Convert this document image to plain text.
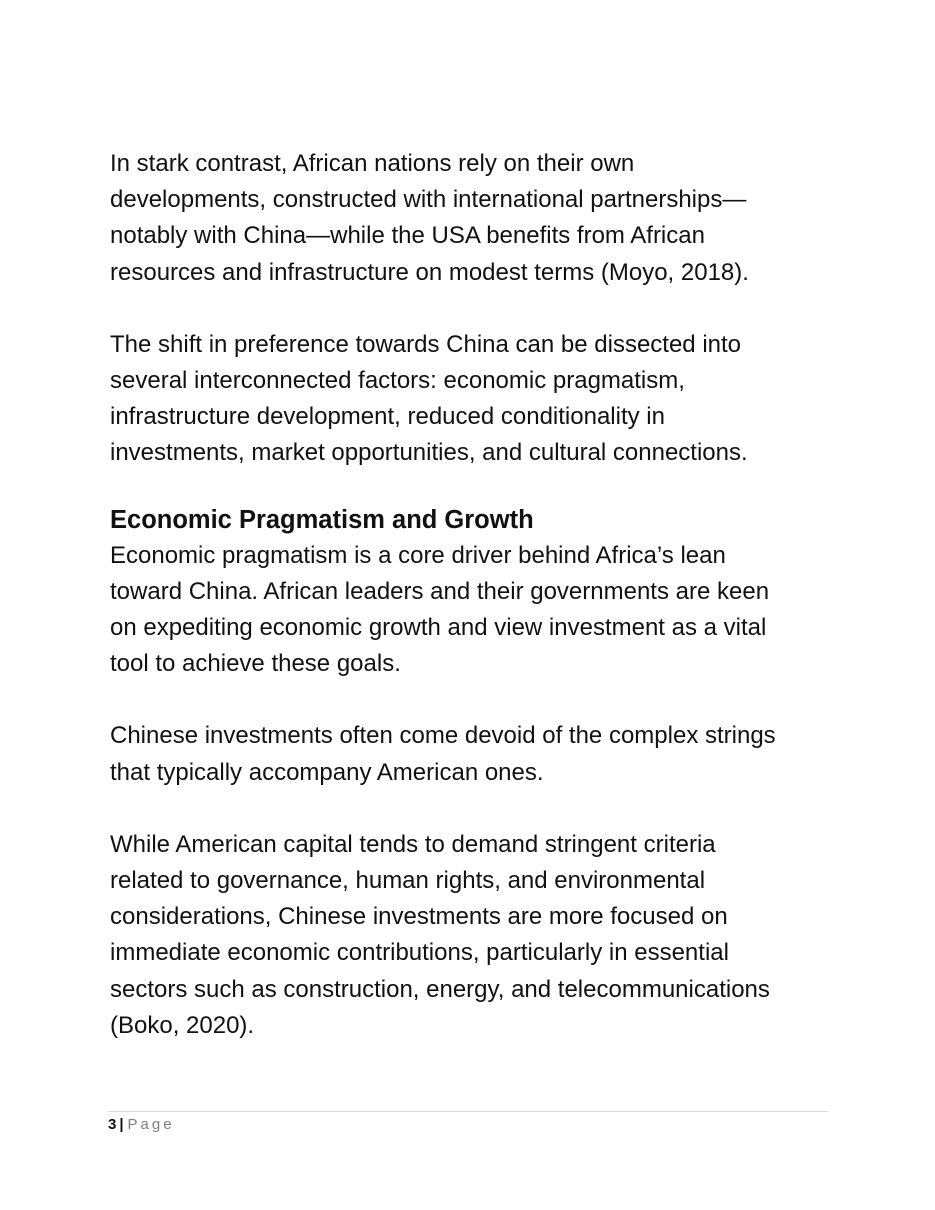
In stark contrast, African nations rely on their own
developments, constructed with international partnerships—
notably with China—while the USA benefits from African
resources and infrastructure on modest terms (Moyo, 2018).
The shift in preference towards China can be dissected into
several interconnected factors: economic pragmatism,
infrastructure development, reduced conditionality in
investments, market opportunities, and cultural connections.
Economic Pragmatism and Growth
Economic pragmatism is a core driver behind Africa’s lean
toward China. African leaders and their governments are keen
on expediting economic growth and view investment as a vital
tool to achieve these goals.
Chinese investments often come devoid of the complex strings
that typically accompany American ones.
While American capital tends to demand stringent criteria
related to governance, human rights, and environmental
considerations, Chinese investments are more focused on
immediate economic contributions, particularly in essential
sectors such as construction, energy, and telecommunications
(Boko, 2020).
3 | Page
